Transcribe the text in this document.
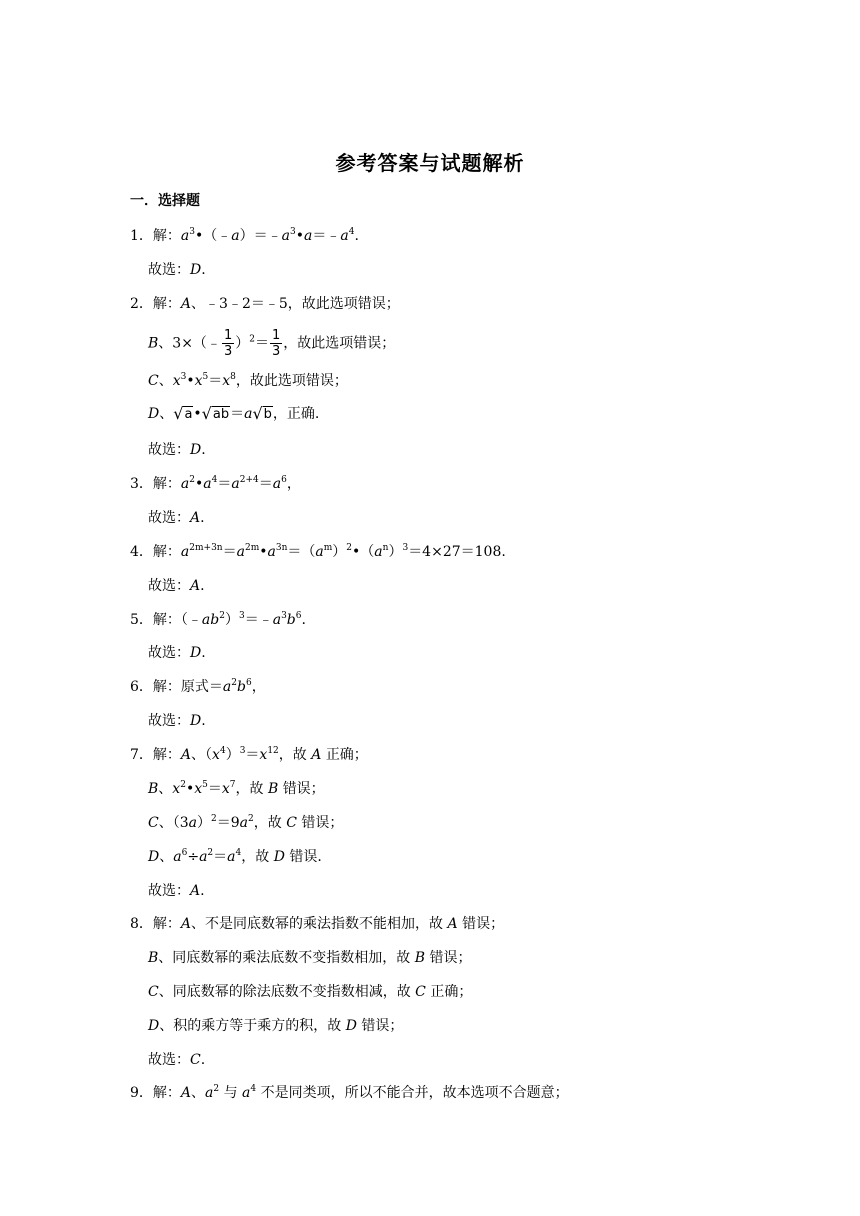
参考答案与试题解析
一．选择题
1．解：$a^3•(﹣a)=﹣a^3•a=﹣a^4$.
故选：D.
2．解：A、﹣3﹣2＝﹣5，故此选项错误；
B、3×（﹣ $\frac{1}{3} )^2= \frac{1}{3}$ ，故此选项错误；
C、$x^3•x^5=x^8$，故此选项错误；
D、 √ a • √ ab ＝a √ b ，正确.
故选：D.
3．解：$a^2•a^4=a^{2+4}=a^6$，
故选：A.
4．解：$a^{2m+3n}=a^{2m}•a^{3n}=(a^m)^2•(a^n)^3=4\times 27=108$.
故选：A.
5．解：$(﹣ab^2)^3=﹣a^3b^6$.
故选：D.
6．解：原式$=a^2b^6$，
故选：D.
7．解：A、$(x^4)^3=x^{12}$，故 A 正确；
B、$x^2•x^5=x^7$，故 B 错误；
C、$(3a)^2=9a^2$，故 C 错误；
D、$a^6\div a^2=a^4$，故 D 错误.
故选：A.
8．解：A、不是同底数幂的乘法指数不能相加，故 A 错误；
B、同底数幂的乘法底数不变指数相加，故 B 错误；
C、同底数幂的除法底数不变指数相减，故 C 正确；
D、积的乘方等于乘方的积，故 D 错误；
故选：C.
9．解：A、$a^2$ 与 $a^4$ 不是同类项，所以不能合并，故本选项不合题意；
